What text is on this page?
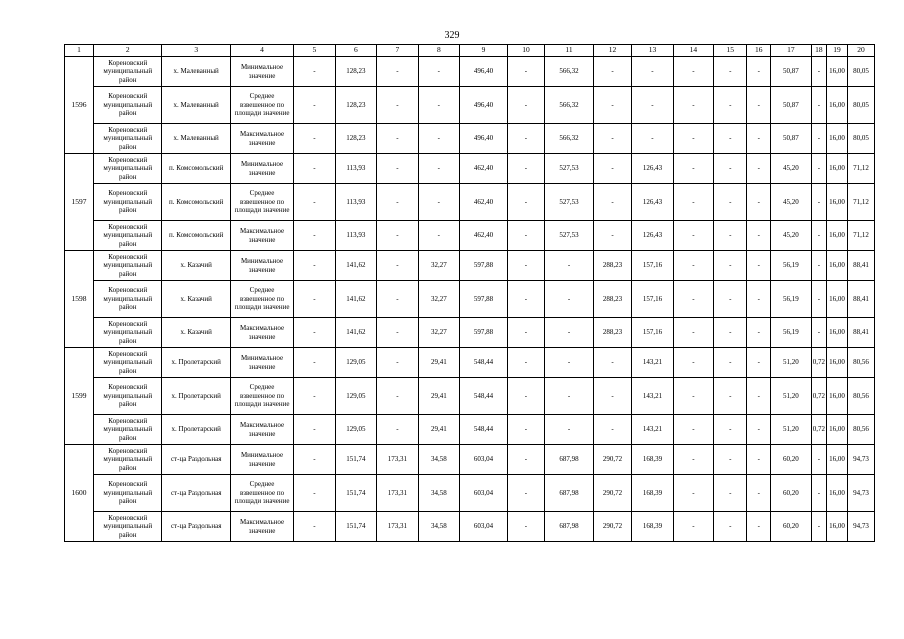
329
1	2	3	4	5	6	7	8	9	10	11	12	13	14	15	16	17	18	19	20
1596	Кореновский муниципальный район	х. Малеванный	Минимальное значение	-	128,23	-	-	496,40	-	566,32	-	-	-	-	-	50,87	-	16,00	80,05
	Кореновский муниципальный район	х. Малеванный	Среднее взвешенное по площади значение	-	128,23	-	-	496,40	-	566,32	-	-	-	-	-	50,87	-	16,00	80,05
	Кореновский муниципальный район	х. Малеванный	Максимальное значение	-	128,23	-	-	496,40	-	566,32	-	-	-	-	-	50,87	-	16,00	80,05
1597	Кореновский муниципальный район	п. Комсомольский	Минимальное значение	-	113,93	-	-	462,40	-	527,53	-	126,43	-	-	-	45,20	-	16,00	71,12
	Кореновский муниципальный район	п. Комсомольский	Среднее взвешенное по площади значение	-	113,93	-	-	462,40	-	527,53	-	126,43	-	-	-	45,20	-	16,00	71,12
	Кореновский муниципальный район	п. Комсомольский	Максимальное значение	-	113,93	-	-	462,40	-	527,53	-	126,43	-	-	-	45,20	-	16,00	71,12
1598	Кореновский муниципальный район	х. Казачий	Минимальное значение	-	141,62	-	32,27	597,88	-	-	288,23	157,16	-	-	-	56,19	-	16,00	88,41
	Кореновский муниципальный район	х. Казачий	Среднее взвешенное по площади значение	-	141,62	-	32,27	597,88	-	-	288,23	157,16	-	-	-	56,19	-	16,00	88,41
	Кореновский муниципальный район	х. Казачий	Максимальное значение	-	141,62	-	32,27	597,88	-	-	288,23	157,16	-	-	-	56,19	-	16,00	88,41
1599	Кореновский муниципальный район	х. Пролетарский	Минимальное значение	-	129,05	-	29,41	548,44	-	-	-	143,21	-	-	-	51,20	0,72	16,00	80,56
	Кореновский муниципальный район	х. Пролетарский	Среднее взвешенное по площади значение	-	129,05	-	29,41	548,44	-	-	-	143,21	-	-	-	51,20	0,72	16,00	80,56
	Кореновский муниципальный район	х. Пролетарский	Максимальное значение	-	129,05	-	29,41	548,44	-	-	-	143,21	-	-	-	51,20	0,72	16,00	80,56
1600	Кореновский муниципальный район	ст-ца Раздольная	Минимальное значение	-	151,74	173,31	34,58	603,04	-	687,98	290,72	168,39	-	-	-	60,20	-	16,00	94,73
	Кореновский муниципальный район	ст-ца Раздольная	Среднее взвешенное по площади значение	-	151,74	173,31	34,58	603,04	-	687,98	290,72	168,39	-	-	-	60,20	-	16,00	94,73
	Кореновский муниципальный район	ст-ца Раздольная	Максимальное значение	-	151,74	173,31	34,58	603,04	-	687,98	290,72	168,39	-	-	-	60,20	-	16,00	94,73
